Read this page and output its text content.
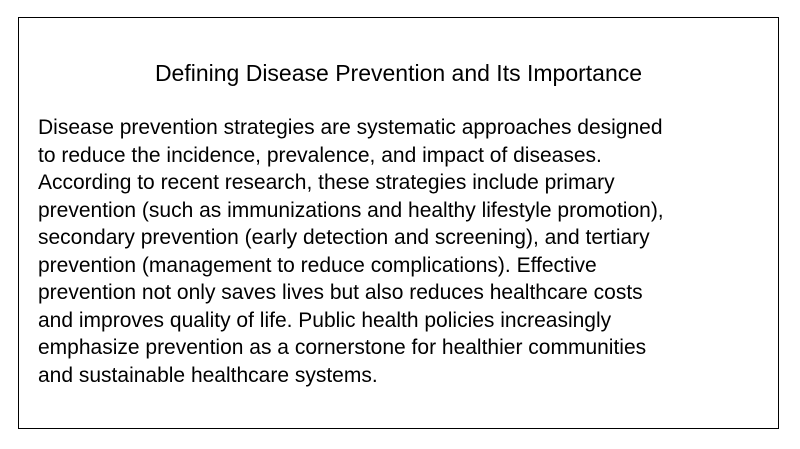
Defining Disease Prevention and Its Importance

Disease prevention strategies are systematic approaches designed
to reduce the incidence, prevalence, and impact of diseases.
According to recent research, these strategies include primary
prevention (such as immunizations and healthy lifestyle promotion),
secondary prevention (early detection and screening), and tertiary
prevention (management to reduce complications). Effective
prevention not only saves lives but also reduces healthcare costs
and improves quality of life. Public health policies increasingly
emphasize prevention as a cornerstone for healthier communities
and sustainable healthcare systems.
